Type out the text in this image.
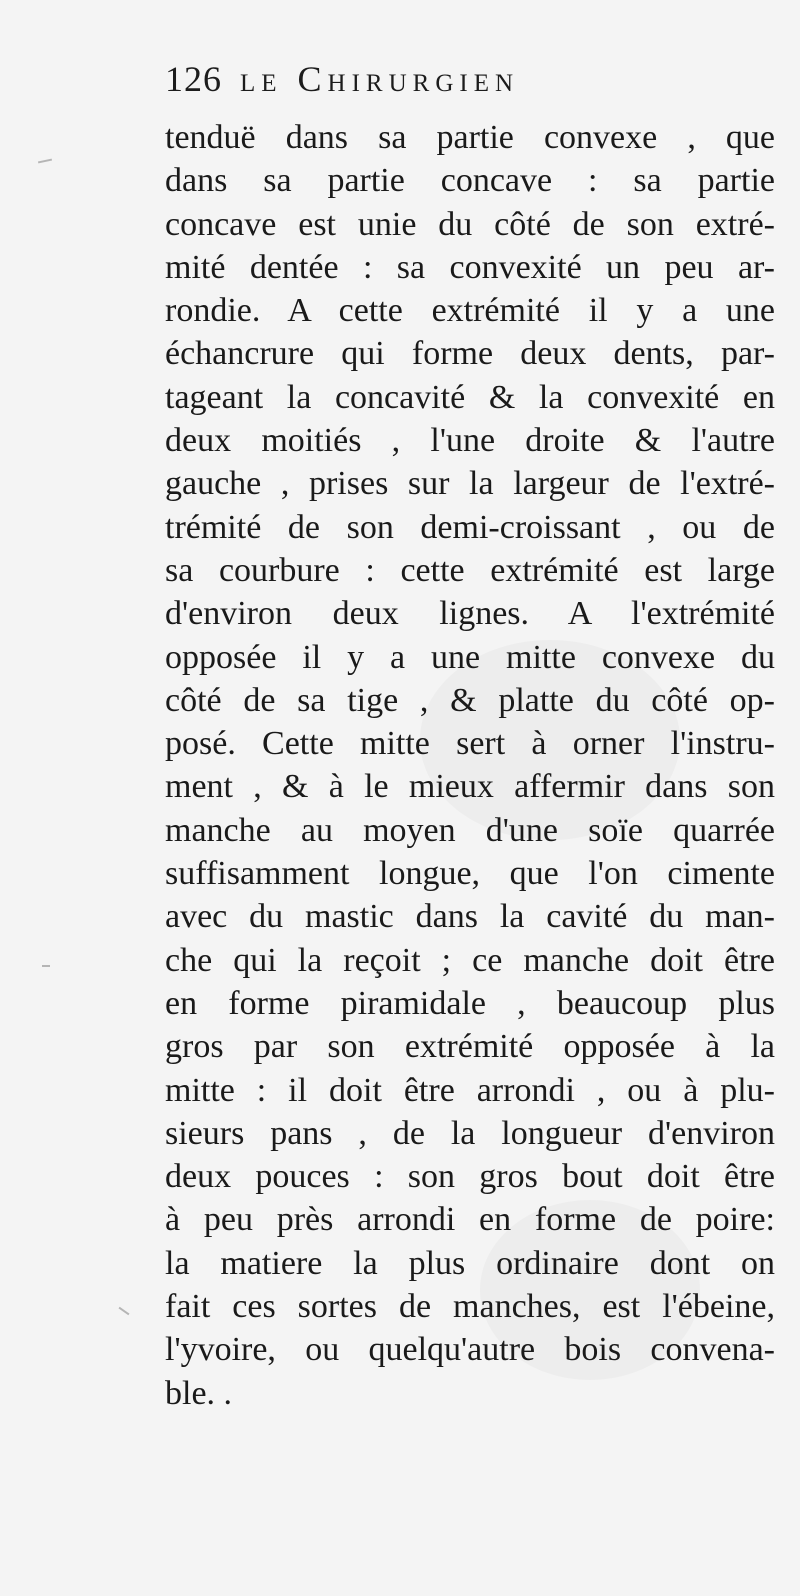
126 le Chirurgien
tenduë dans sa partie convexe , que
dans sa partie concave : sa partie
concave est unie du côté de son extré-
mité dentée : sa convexité un peu ar-
rondie. A cette extrémité il y a une
échancrure qui forme deux dents, par-
tageant la concavité & la convexité en
deux moitiés , l'une droite & l'autre
gauche , prises sur la largeur de l'extré-
trémité de son demi-croissant , ou de
sa courbure : cette extrémité est large
d'environ deux lignes. A l'extrémité
opposée il y a une mitte convexe du
côté de sa tige , & platte du côté op-
posé. Cette mitte sert à orner l'instru-
ment , & à le mieux affermir dans son
manche au moyen d'une soïe quarrée
suffisamment longue, que l'on cimente
avec du mastic dans la cavité du man-
che qui la reçoit ; ce manche doit être
en forme piramidale , beaucoup plus
gros par son extrémité opposée à la
mitte : il doit être arrondi , ou à plu-
sieurs pans , de la longueur d'environ
deux pouces : son gros bout doit être
à peu près arrondi en forme de poire:
la matiere la plus ordinaire dont on
fait ces sortes de manches, est l'ébeine,
l'yvoire, ou quelqu'autre bois convena-
ble. .
